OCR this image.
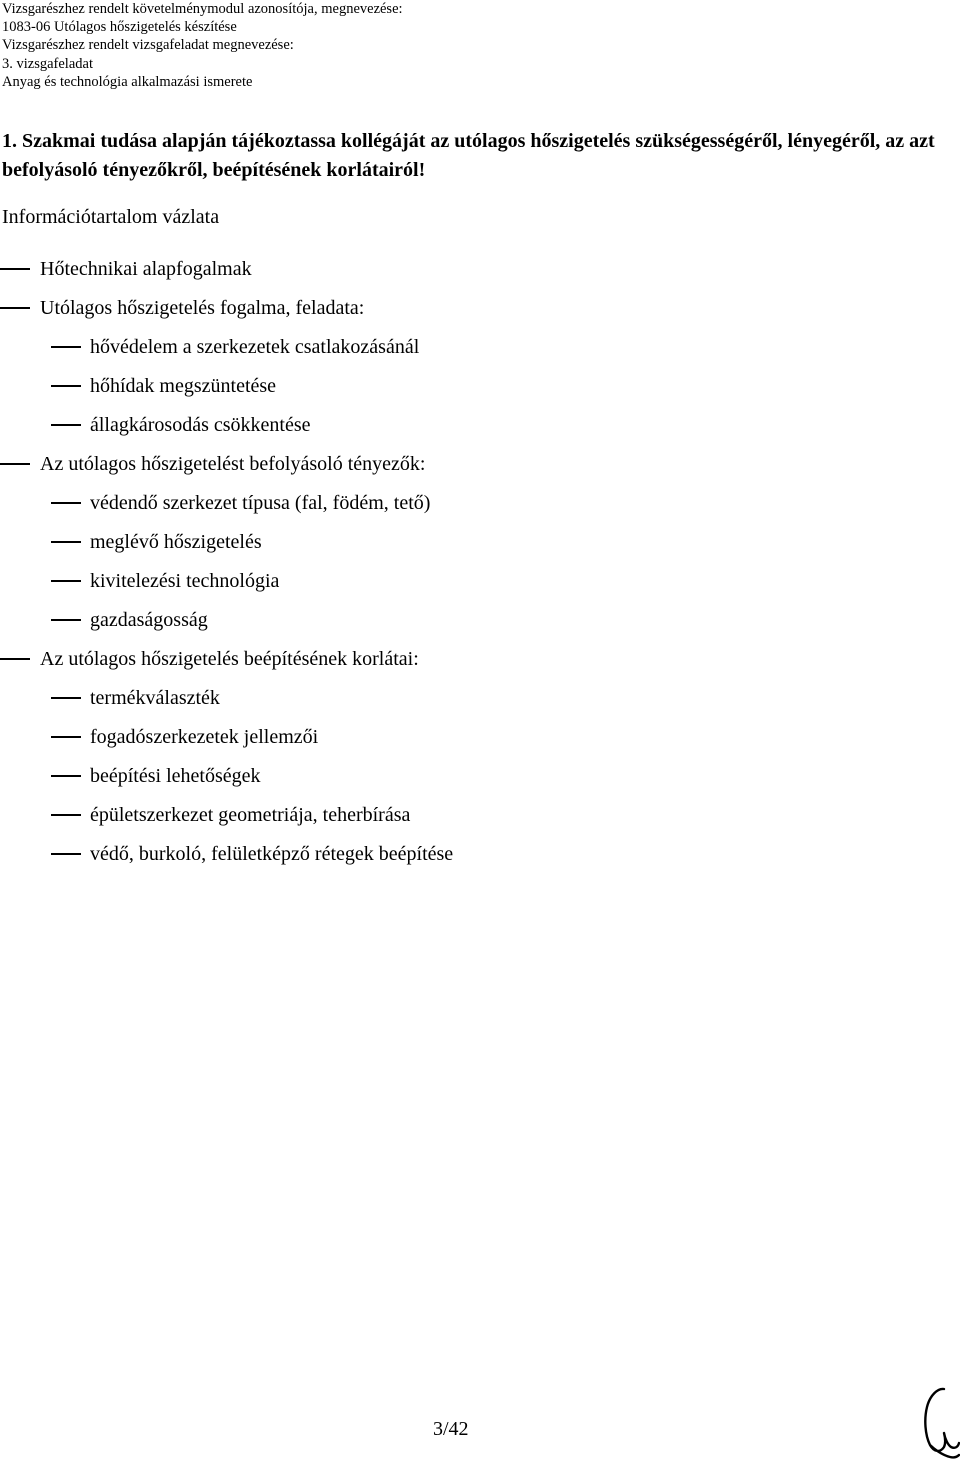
Vizsgarészhez rendelt követelménymodul azonosítója, megnevezése:
1083-06 Utólagos hőszigetelés készítése
Vizsgarészhez rendelt vizsgafeladat megnevezése:
3. vizsgafeladat
Anyag és technológia alkalmazási ismerete
1. Szakmai tudása alapján tájékoztassa kollégáját az utólagos hőszigetelés szükségességéről, lényegéről, az azt befolyásoló tényezőkről, beépítésének korlátairól!
Információtartalom vázlata
Hőtechnikai alapfogalmak
Utólagos hőszigetelés fogalma, feladata:
hővédelem a szerkezetek csatlakozásánál
hőhídak megszüntetése
állagkárosodás csökkentése
Az utólagos hőszigetelést befolyásoló tényezők:
védendő szerkezet típusa (fal, födém, tető)
meglévő hőszigetelés
kivitelezési technológia
gazdaságosság
Az utólagos hőszigetelés beépítésének korlátai:
termékválaszték
fogadószerkezetek jellemzői
beépítési lehetőségek
épületszerkezet geometriája, teherbírása
védő, burkoló, felületképző rétegek beépítése
3/42
